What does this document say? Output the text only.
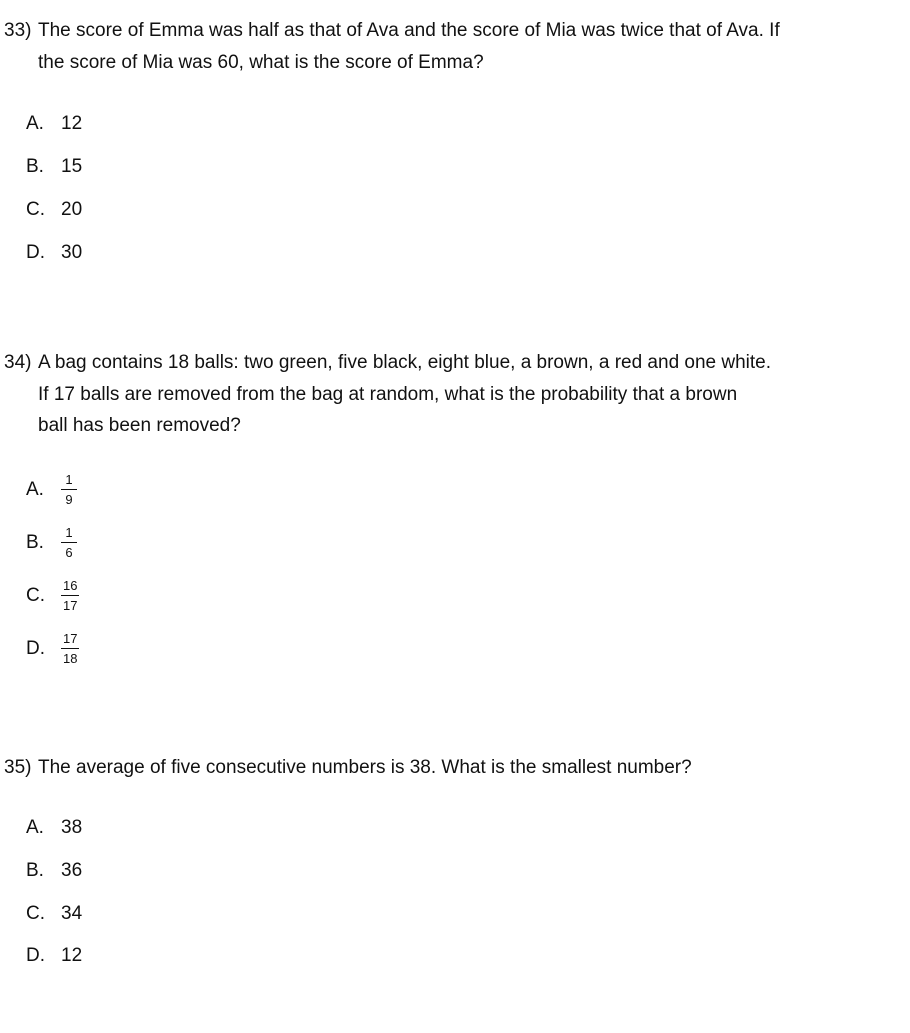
33) The score of Emma was half as that of Ava and the score of Mia was twice that of Ava. If
the score of Mia was 60, what is the score of Emma?
A. 12
B. 15
C. 20
D. 30
34) A bag contains 18 balls: two green, five black, eight blue, a brown, a red and one white.
If 17 balls are removed from the bag at random, what is the probability that a brown
ball has been removed?
A.	$\frac{1}{9}$
B.	$\frac{1}{6}$
C.	$\frac{16}{17}$
D.	$\frac{17}{18}$
35) The average of five consecutive numbers is 38. What is the smallest number?
A. 38
B. 36
C. 34
D. 12
